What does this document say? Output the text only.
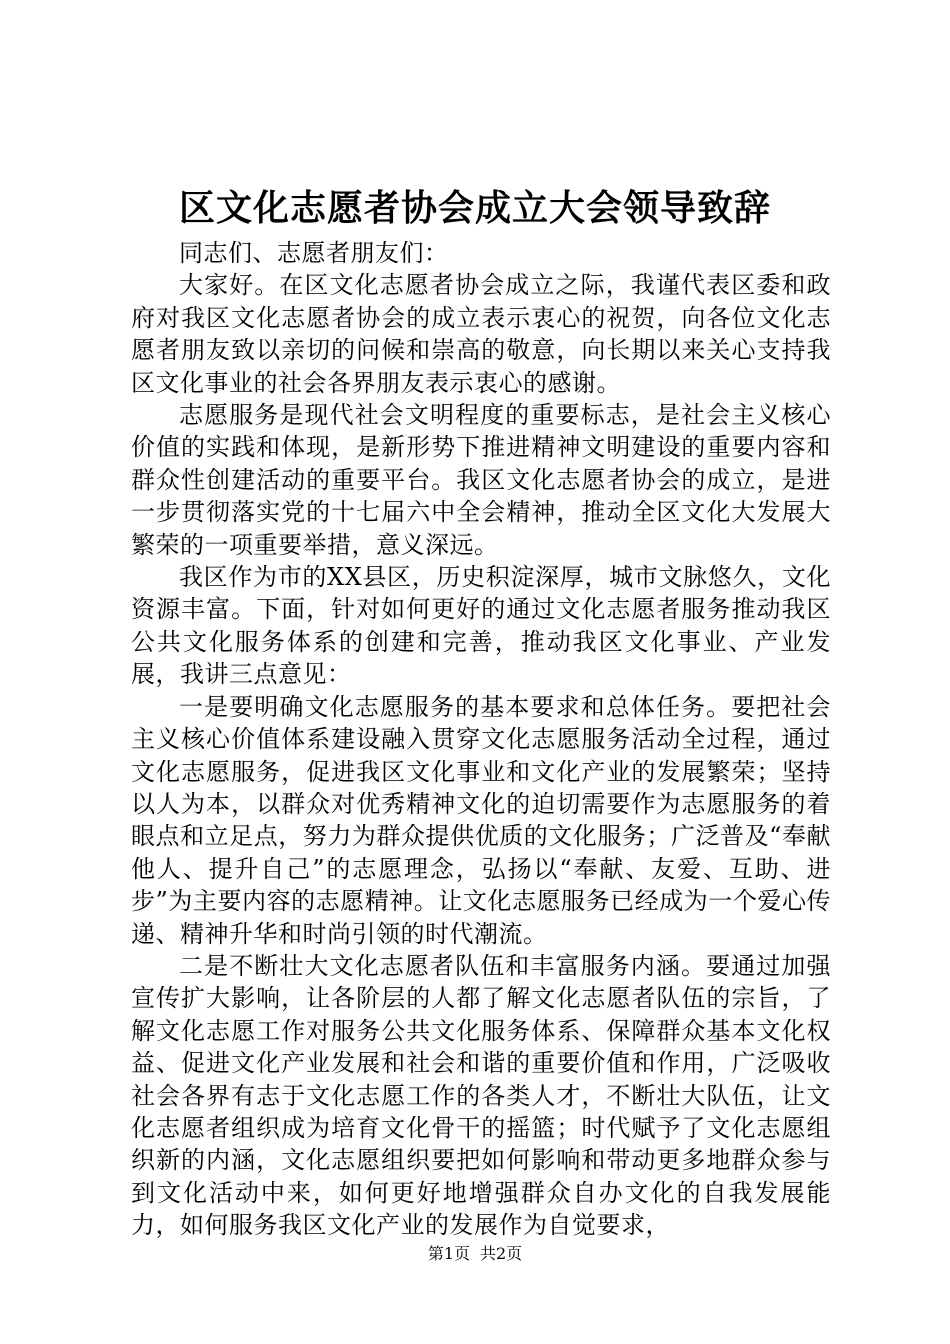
区文化志愿者协会成立大会领导致辞

同志们、志愿者朋友们：

大家好。在区文化志愿者协会成立之际，我谨代表区委和政府对我区文化志愿者协会的成立表示衷心的祝贺，向各位文化志愿者朋友致以亲切的问候和崇高的敬意，向长期以来关心支持我区文化事业的社会各界朋友表示衷心的感谢。

志愿服务是现代社会文明程度的重要标志，是社会主义核心价值的实践和体现，是新形势下推进精神文明建设的重要内容和群众性创建活动的重要平台。我区文化志愿者协会的成立，是进一步贯彻落实党的十七届六中全会精神，推动全区文化大发展大繁荣的一项重要举措，意义深远。

我区作为市的XX县区，历史积淀深厚，城市文脉悠久，文化资源丰富。下面，针对如何更好的通过文化志愿者服务推动我区公共文化服务体系的创建和完善，推动我区文化事业、产业发展，我讲三点意见：

一是要明确文化志愿服务的基本要求和总体任务。要把社会主义核心价值体系建设融入贯穿文化志愿服务活动全过程，通过文化志愿服务，促进我区文化事业和文化产业的发展繁荣；坚持以人为本，以群众对优秀精神文化的迫切需要作为志愿服务的着眼点和立足点，努力为群众提供优质的文化服务；广泛普及“奉献他人、提升自己”的志愿理念，弘扬以“奉献、友爱、互助、进步”为主要内容的志愿精神。让文化志愿服务已经成为一个爱心传递、精神升华和时尚引领的时代潮流。

二是不断壮大文化志愿者队伍和丰富服务内涵。要通过加强宣传扩大影响，让各阶层的人都了解文化志愿者队伍的宗旨，了解文化志愿工作对服务公共文化服务体系、保障群众基本文化权益、促进文化产业发展和社会和谐的重要价值和作用，广泛吸收社会各界有志于文化志愿工作的各类人才，不断壮大队伍，让文化志愿者组织成为培育文化骨干的摇篮；时代赋予了文化志愿组织新的内涵，文化志愿组织要把如何影响和带动更多地群众参与到文化活动中来，如何更好地增强群众自办文化的自我发展能力，如何服务我区文化产业的发展作为自觉要求，

第1页 共2页
